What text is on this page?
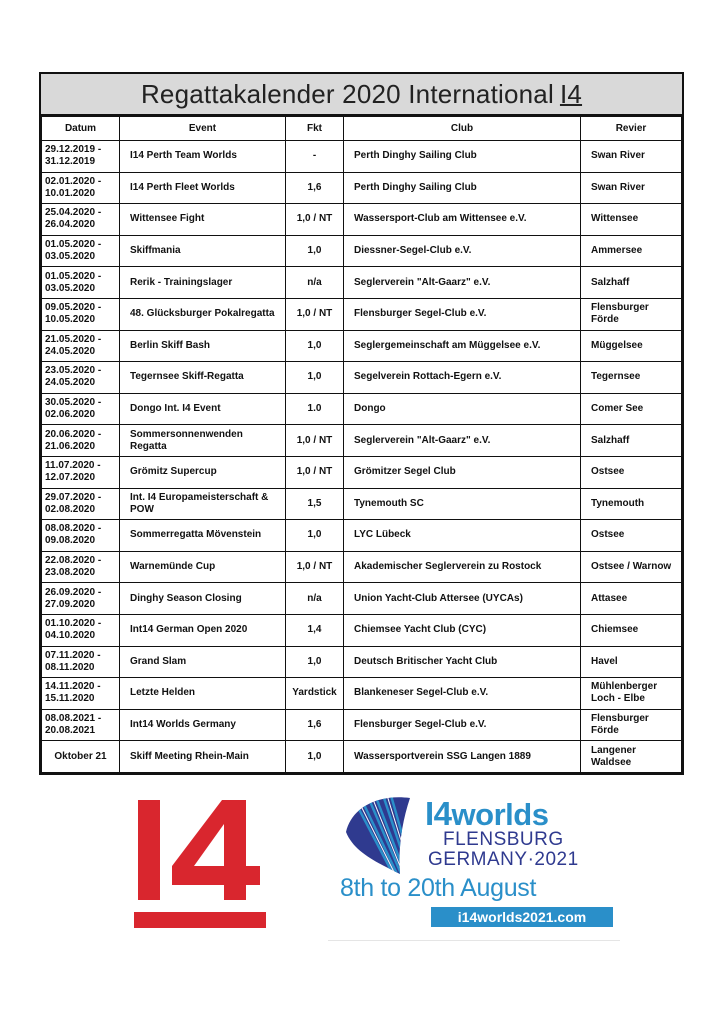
Regattakalender 2020 International I4
Datum	Event	Fkt	Club	Revier

29.12.2019 -
31.12.2019	I14 Perth Team Worlds	-	Perth Dinghy Sailing Club	Swan River

02.01.2020 -
10.01.2020	I14 Perth Fleet Worlds	1,6	Perth Dinghy Sailing Club	Swan River

25.04.2020 -
26.04.2020	Wittensee Fight	1,0 / NT	Wassersport-Club am Wittensee e.V.	Wittensee

01.05.2020 -
03.05.2020	Skiffmania	1,0	Diessner-Segel-Club e.V.	Ammersee

01.05.2020 -
03.05.2020	Rerik - Trainingslager	n/a	Seglerverein "Alt-Gaarz" e.V.	Salzhaff

09.05.2020 -
10.05.2020	48. Glücksburger Pokalregatta	1,0 / NT	Flensburger Segel-Club e.V.	Flensburger Förde

21.05.2020 -
24.05.2020	Berlin Skiff Bash	1,0	Seglergemeinschaft am Müggelsee e.V.	Müggelsee

23.05.2020 -
24.05.2020	Tegernsee Skiff-Regatta	1,0	Segelverein Rottach-Egern e.V.	Tegernsee

30.05.2020 -
02.06.2020	Dongo Int. I4 Event	1.0	Dongo	Comer See

20.06.2020 -
21.06.2020	Sommersonnenwenden Regatta	1,0 / NT	Seglerverein "Alt-Gaarz" e.V.	Salzhaff

11.07.2020 -
12.07.2020	Grömitz Supercup	1,0 / NT	Grömitzer Segel Club	Ostsee

29.07.2020 -
02.08.2020	Int. I4 Europameisterschaft & POW	1,5	Tynemouth SC	Tynemouth

08.08.2020 -
09.08.2020	Sommerregatta Mövenstein	1,0	LYC Lübeck	Ostsee

22.08.2020 -
23.08.2020	Warnemünde Cup	1,0 / NT	Akademischer Seglerverein zu Rostock	Ostsee / Warnow

26.09.2020 -
27.09.2020	Dinghy Season Closing	n/a	Union Yacht-Club Attersee (UYCAs)	Attasee

01.10.2020 -
04.10.2020	Int14 German Open 2020	1,4	Chiemsee Yacht Club (CYC)	Chiemsee

07.11.2020 -
08.11.2020	Grand Slam	1,0	Deutsch Britischer Yacht Club	Havel

14.11.2020 -
15.11.2020	Letzte Helden	Yardstick	Blankeneser Segel-Club e.V.	Mühlenberger Loch - Elbe

08.08.2021 -
20.08.2021	Int14 Worlds Germany	1,6	Flensburger Segel-Club e.V.	Flensburger Förde

Oktober 21	Skiff Meeting Rhein-Main	1,0	Wassersportverein SSG Langen 1889	Langener Waldsee
I4worlds
FLENSBURG
GERMANY·2021
8th to 20th August
i14worlds2021.com
